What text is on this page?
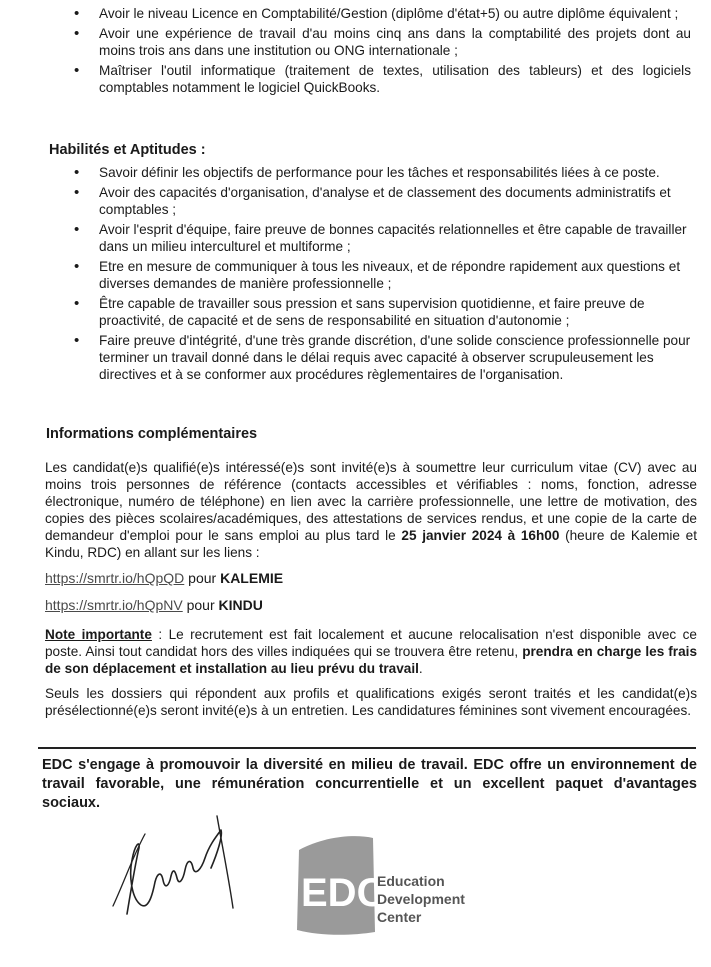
• Avoir le niveau Licence en Comptabilité/Gestion (diplôme d'état+5) ou autre diplôme équivalent ;
• Avoir une expérience de travail d'au moins cinq ans dans la comptabilité des projets dont au moins trois ans dans une institution ou ONG internationale ;
• Maîtriser l'outil informatique (traitement de textes, utilisation des tableurs) et des logiciels comptables notamment le logiciel QuickBooks.
Habilités et Aptitudes :
• Savoir définir les objectifs de performance pour les tâches et responsabilités liées à ce poste.
• Avoir des capacités d'organisation, d'analyse et de classement des documents administratifs et comptables ;
• Avoir l'esprit d'équipe, faire preuve de bonnes capacités relationnelles et être capable de travailler dans un milieu interculturel et multiforme ;
• Etre en mesure de communiquer à tous les niveaux, et de répondre rapidement aux questions et diverses demandes de manière professionnelle ;
• Être capable de travailler sous pression et sans supervision quotidienne, et faire preuve de proactivité, de capacité et de sens de responsabilité en situation d'autonomie ;
• Faire preuve d'intégrité, d'une très grande discrétion, d'une solide conscience professionnelle pour terminer un travail donné dans le délai requis avec capacité à observer scrupuleusement les directives et à se conformer aux procédures règlementaires de l'organisation.
Informations complémentaires
Les candidat(e)s qualifié(e)s intéressé(e)s sont invité(e)s à soumettre leur curriculum vitae (CV) avec au moins trois personnes de référence (contacts accessibles et vérifiables : noms, fonction, adresse électronique, numéro de téléphone) en lien avec la carrière professionnelle, une lettre de motivation, des copies des pièces scolaires/académiques, des attestations de services rendus, et une copie de la carte de demandeur d'emploi pour le sans emploi au plus tard le 25 janvier 2024 à 16h00 (heure de Kalemie et Kindu, RDC) en allant sur les liens :
https://smrtr.io/hQpQD pour KALEMIE
https://smrtr.io/hQpNV pour KINDU
Note importante : Le recrutement est fait localement et aucune relocalisation n'est disponible avec ce poste. Ainsi tout candidat hors des villes indiquées qui se trouvera être retenu, prendra en charge les frais de son déplacement et installation au lieu prévu du travail.
Seuls les dossiers qui répondent aux profils et qualifications exigés seront traités et les candidat(e)s présélectionné(e)s seront invité(e)s à un entretien. Les candidatures féminines sont vivement encouragées.
EDC s'engage à promouvoir la diversité en milieu de travail. EDC offre un environnement de travail favorable, une rémunération concurrentielle et un excellent paquet d'avantages sociaux.
EDC
Education
Development
Center
